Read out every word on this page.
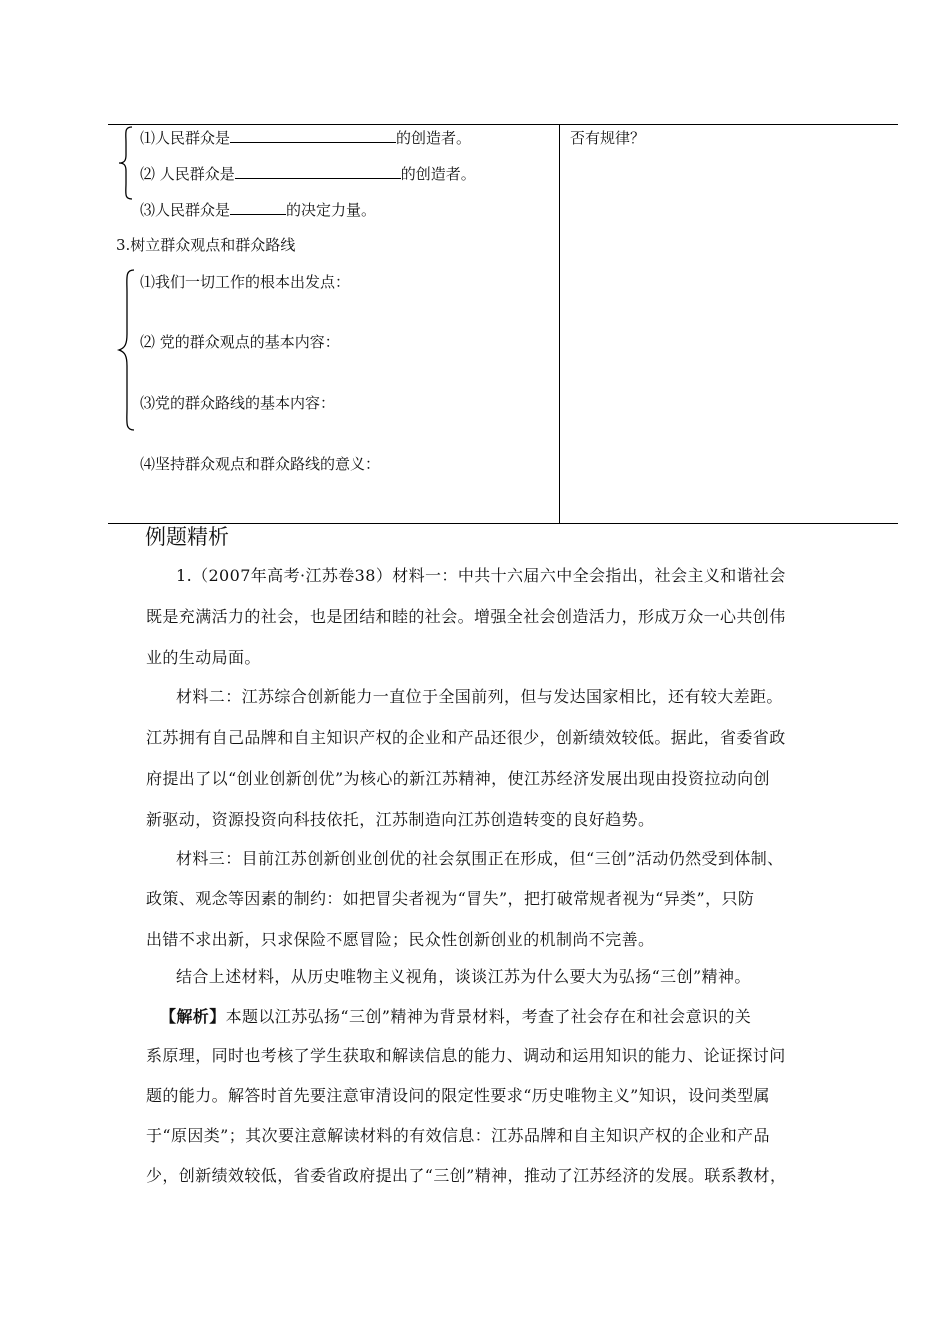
⑴人民群众是	的创造者。
⑵ 人民群众是	的创造者。
⑶人民群众是	的决定力量。
3.树立群众观点和群众路线
⑴我们一切工作的根本出发点：
⑵ 党的群众观点的基本内容：
⑶党的群众路线的基本内容：
⑷坚持群众观点和群众路线的意义：
否有规律？
例题精析
1.（2007年高考·江苏卷38）材料一：中共十六届六中全会指出，社会主义和谐社会
既是充满活力的社会，也是团结和睦的社会。增强全社会创造活力，形成万众一心共创伟
业的生动局面。
材料二：江苏综合创新能力一直位于全国前列，但与发达国家相比，还有较大差距。
江苏拥有自己品牌和自主知识产权的企业和产品还很少，创新绩效较低。据此，省委省政
府提出了以“创业创新创优”为核心的新江苏精神，使江苏经济发展出现由投资拉动向创
新驱动，资源投资向科技依托，江苏制造向江苏创造转变的良好趋势。
材料三：目前江苏创新创业创优的社会氛围正在形成，但“三创”活动仍然受到体制、
政策、观念等因素的制约：如把冒尖者视为“冒失”，把打破常规者视为“异类”，只防
出错不求出新，只求保险不愿冒险；民众性创新创业的机制尚不完善。
结合上述材料，从历史唯物主义视角，谈谈江苏为什么要大为弘扬“三创”精神。
【解析】本题以江苏弘扬“三创”精神为背景材料，考查了社会存在和社会意识的关
系原理，同时也考核了学生获取和解读信息的能力、调动和运用知识的能力、论证探讨问
题的能力。解答时首先要注意审清设问的限定性要求“历史唯物主义”知识，设问类型属
于“原因类”；其次要注意解读材料的有效信息：江苏品牌和自主知识产权的企业和产品
少，创新绩效较低，省委省政府提出了“三创”精神，推动了江苏经济的发展。联系教材，
